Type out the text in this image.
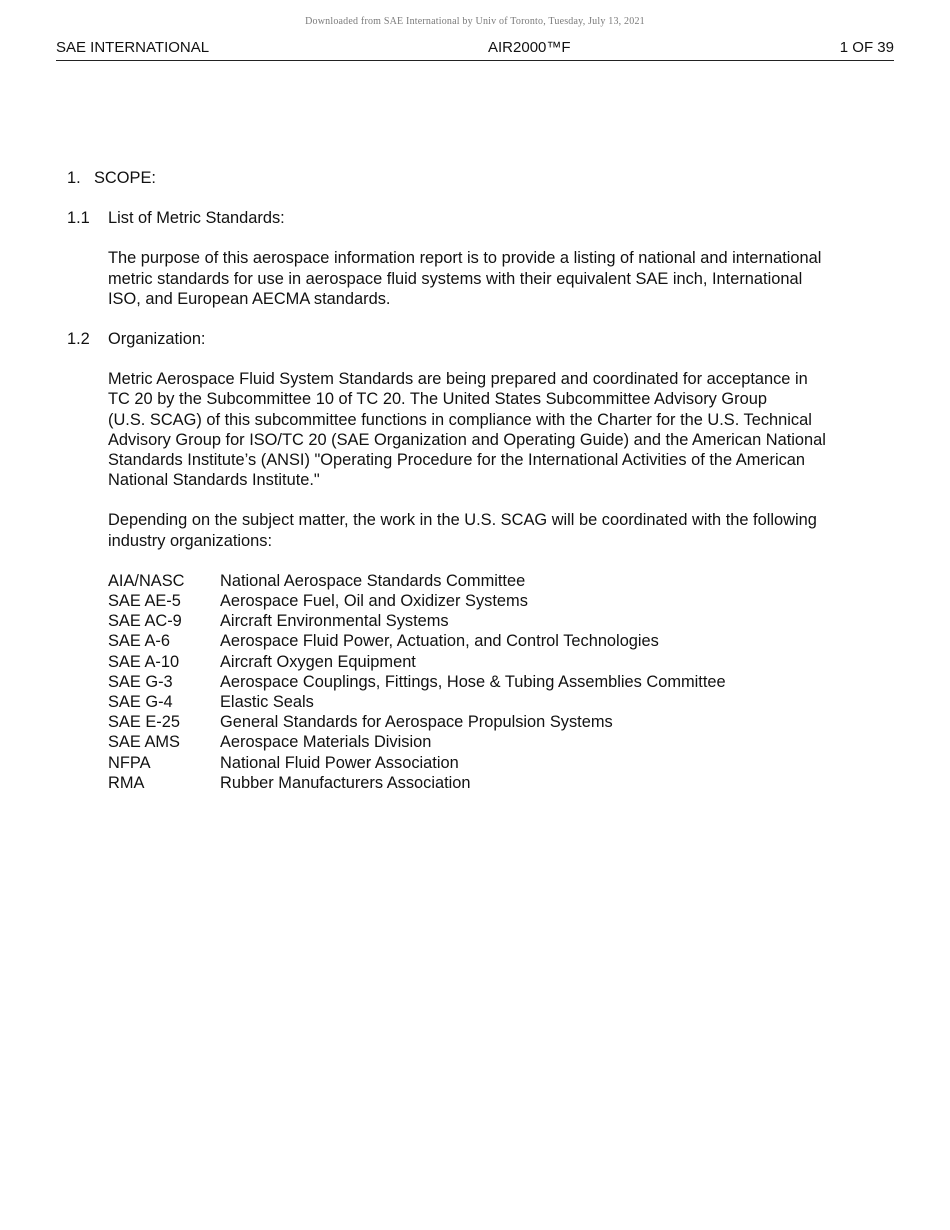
Downloaded from SAE International by Univ of Toronto, Tuesday, July 13, 2021
SAE INTERNATIONAL	AIR2000™F	1 OF 39
1. SCOPE:
1.1	List of Metric Standards:
The purpose of this aerospace information report is to provide a listing of national and international
metric standards for use in aerospace fluid systems with their equivalent SAE inch, International
ISO, and European AECMA standards.
1.2	Organization:
Metric Aerospace Fluid System Standards are being prepared and coordinated for acceptance in
TC 20 by the Subcommittee 10 of TC 20. The United States Subcommittee Advisory Group
(U.S. SCAG) of this subcommittee functions in compliance with the Charter for the U.S. Technical
Advisory Group for ISO/TC 20 (SAE Organization and Operating Guide) and the American National
Standards Institute’s (ANSI) "Operating Procedure for the International Activities of the American
National Standards Institute."
Depending on the subject matter, the work in the U.S. SCAG will be coordinated with the following
industry organizations:
AIA/NASC	National Aerospace Standards Committee
SAE AE-5	Aerospace Fuel, Oil and Oxidizer Systems
SAE AC-9	Aircraft Environmental Systems
SAE A-6	Aerospace Fluid Power, Actuation, and Control Technologies
SAE A-10	Aircraft Oxygen Equipment
SAE G-3	Aerospace Couplings, Fittings, Hose & Tubing Assemblies Committee
SAE G-4	Elastic Seals
SAE E-25	General Standards for Aerospace Propulsion Systems
SAE AMS	Aerospace Materials Division
NFPA	National Fluid Power Association
RMA	Rubber Manufacturers Association
